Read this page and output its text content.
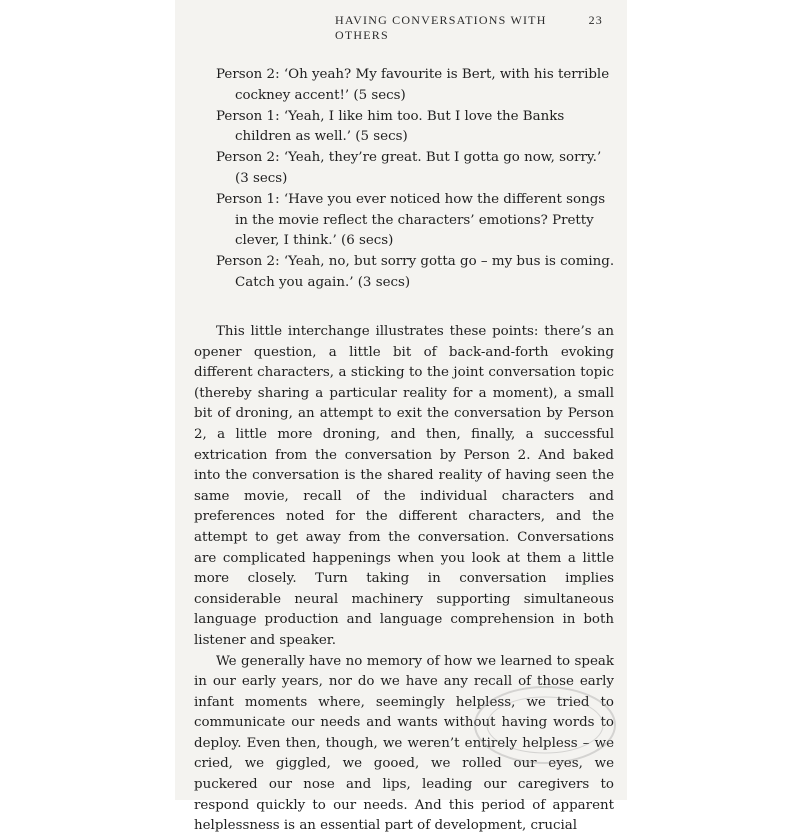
HAVING CONVERSATIONS WITH OTHERS
23

Person 2: ‘Oh yeah? My favourite is Bert, with his terrible cockney accent!’ (5 secs)

Person 1: ‘Yeah, I like him too. But I love the Banks children as well.’ (5 secs)

Person 2: ‘Yeah, they’re great. But I gotta go now, sorry.’ (3 secs)

Person 1: ‘Have you ever noticed how the different songs in the movie reflect the characters’ emotions? Pretty clever, I think.’ (6 secs)

Person 2: ‘Yeah, no, but sorry gotta go – my bus is coming. Catch you again.’ (3 secs)

This little interchange illustrates these points: there’s an opener question, a little bit of back-and-forth evoking different characters, a sticking to the joint conversation topic (thereby sharing a particular reality for a moment), a small bit of droning, an attempt to exit the conversation by Person 2, a little more droning, and then, finally, a successful extrication from the conversation by Person 2. And baked into the conversation is the shared reality of having seen the same movie, recall of the individual characters and preferences noted for the different characters, and the attempt to get away from the conversation. Conversations are complicated happenings when you look at them a little more closely. Turn taking in conversation implies considerable neural machinery supporting simultaneous language production and language comprehension in both listener and speaker.

We generally have no memory of how we learned to speak in our early years, nor do we have any recall of those early infant moments where, seemingly helpless, we tried to communicate our needs and wants without having words to deploy. Even then, though, we weren’t entirely helpless – we cried, we giggled, we gooed, we rolled our eyes, we puckered our nose and lips, leading our caregivers to respond quickly to our needs. And this period of apparent helplessness is an essential part of development, crucial
